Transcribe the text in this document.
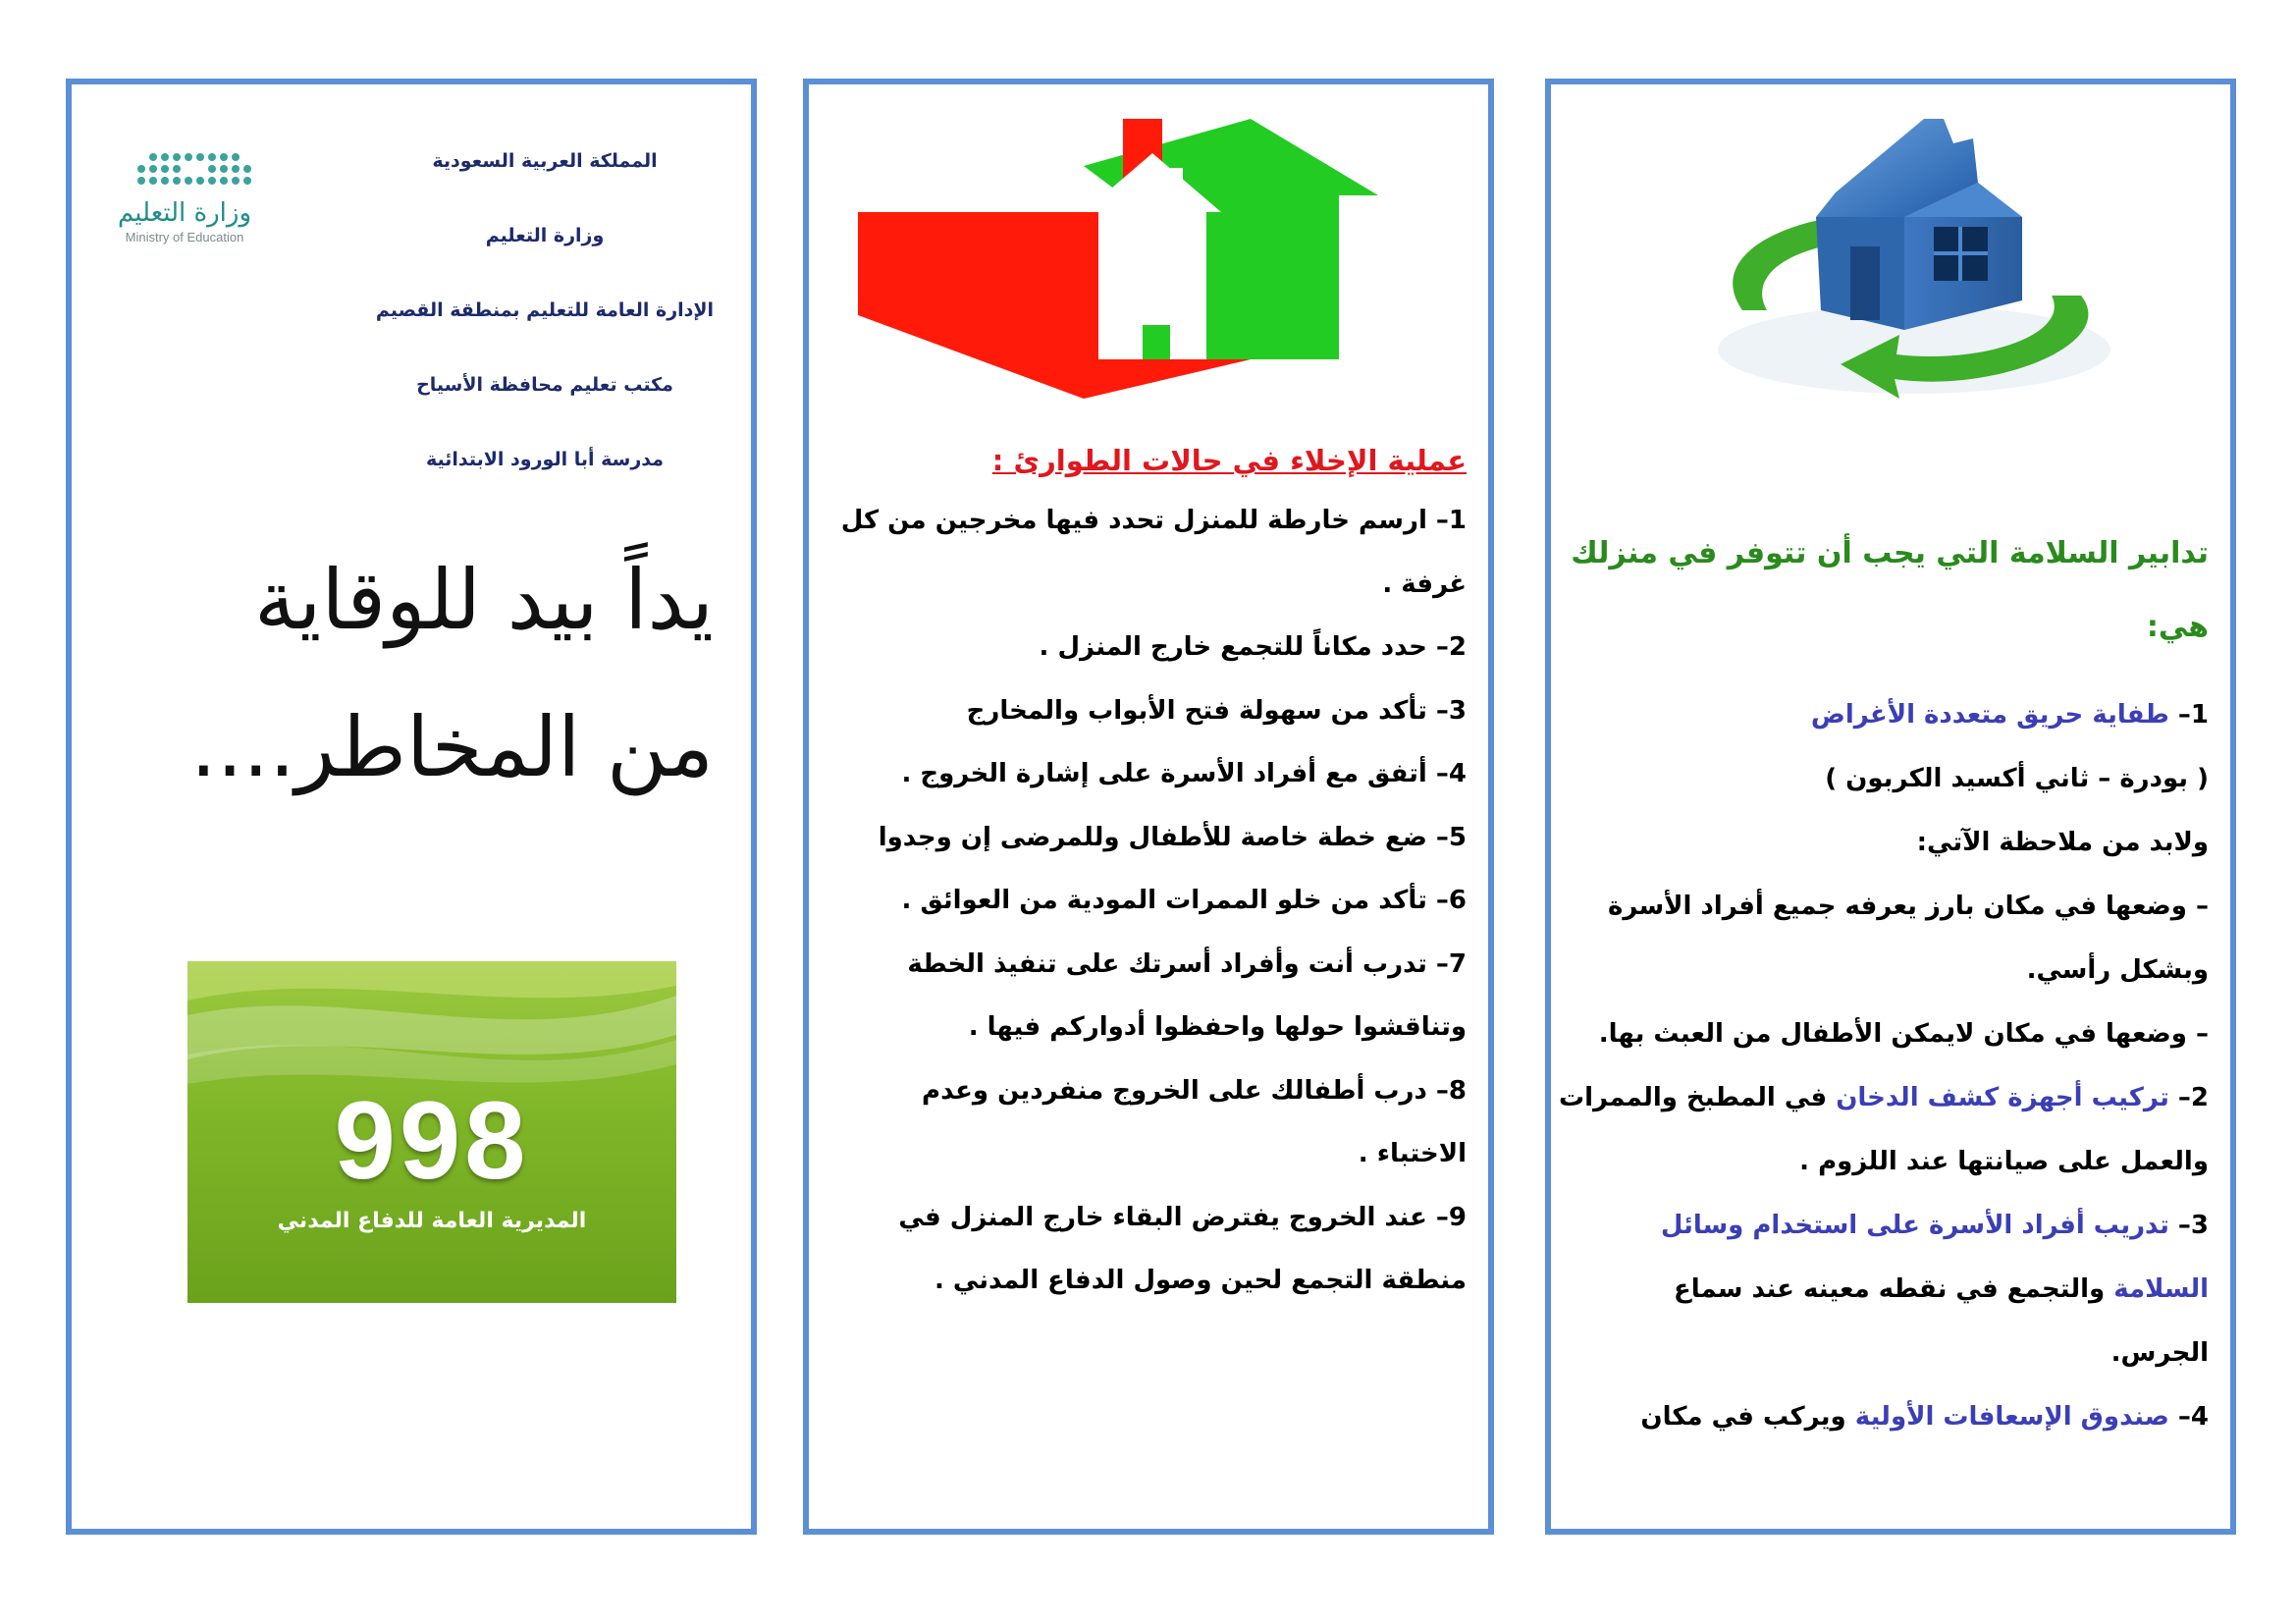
المملكة العربية السعودية
وزارة التعليم
الإدارة العامة للتعليم بمنطقة القصيم
مكتب تعليم محافظة الأسياح
مدرسة أبا الورود الابتدائية
وزارة التعليم
Ministry of Education
يداً بيد للوقاية
من المخاطر....
998
المديرية العامة للدفاع المدني
عملية الإخلاء في حالات الطوارئ :
1– ارسم خارطة للمنزل تحدد فيها مخرجين من كل
غرفة .
2– حدد مكاناً للتجمع خارج المنزل .
3– تأكد من سهولة فتح الأبواب والمخارج
4– أتفق مع أفراد الأسرة على إشارة الخروج .
5– ضع خطة خاصة للأطفال وللمرضى إن وجدوا
6– تأكد من خلو الممرات المودية من العوائق .
7– تدرب أنت وأفراد أسرتك على تنفيذ الخطة
وتناقشوا حولها واحفظوا أدواركم فيها .
8– درب أطفالك على الخروج منفردين وعدم
الاختباء .
9– عند الخروج يفترض البقاء خارج المنزل في
منطقة التجمع لحين وصول الدفاع المدني .
تدابير السلامة التي يجب أن تتوفر في منزلك
هي:
1– طفاية حريق متعددة الأغراض
( بودرة – ثاني أكسيد الكربون )
ولابد من ملاحظة الآتي:
– وضعها في مكان بارز يعرفه جميع أفراد الأسرة
وبشكل رأسي.
– وضعها في مكان لايمكن الأطفال من العبث بها.
2– تركيب أجهزة كشف الدخان في المطبخ والممرات
والعمل على صيانتها عند اللزوم .
3– تدريب أفراد الأسرة على استخدام وسائل
السلامة والتجمع في نقطه معينه عند سماع
الجرس.
4– صندوق الإسعافات الأولية ويركب في مكان
